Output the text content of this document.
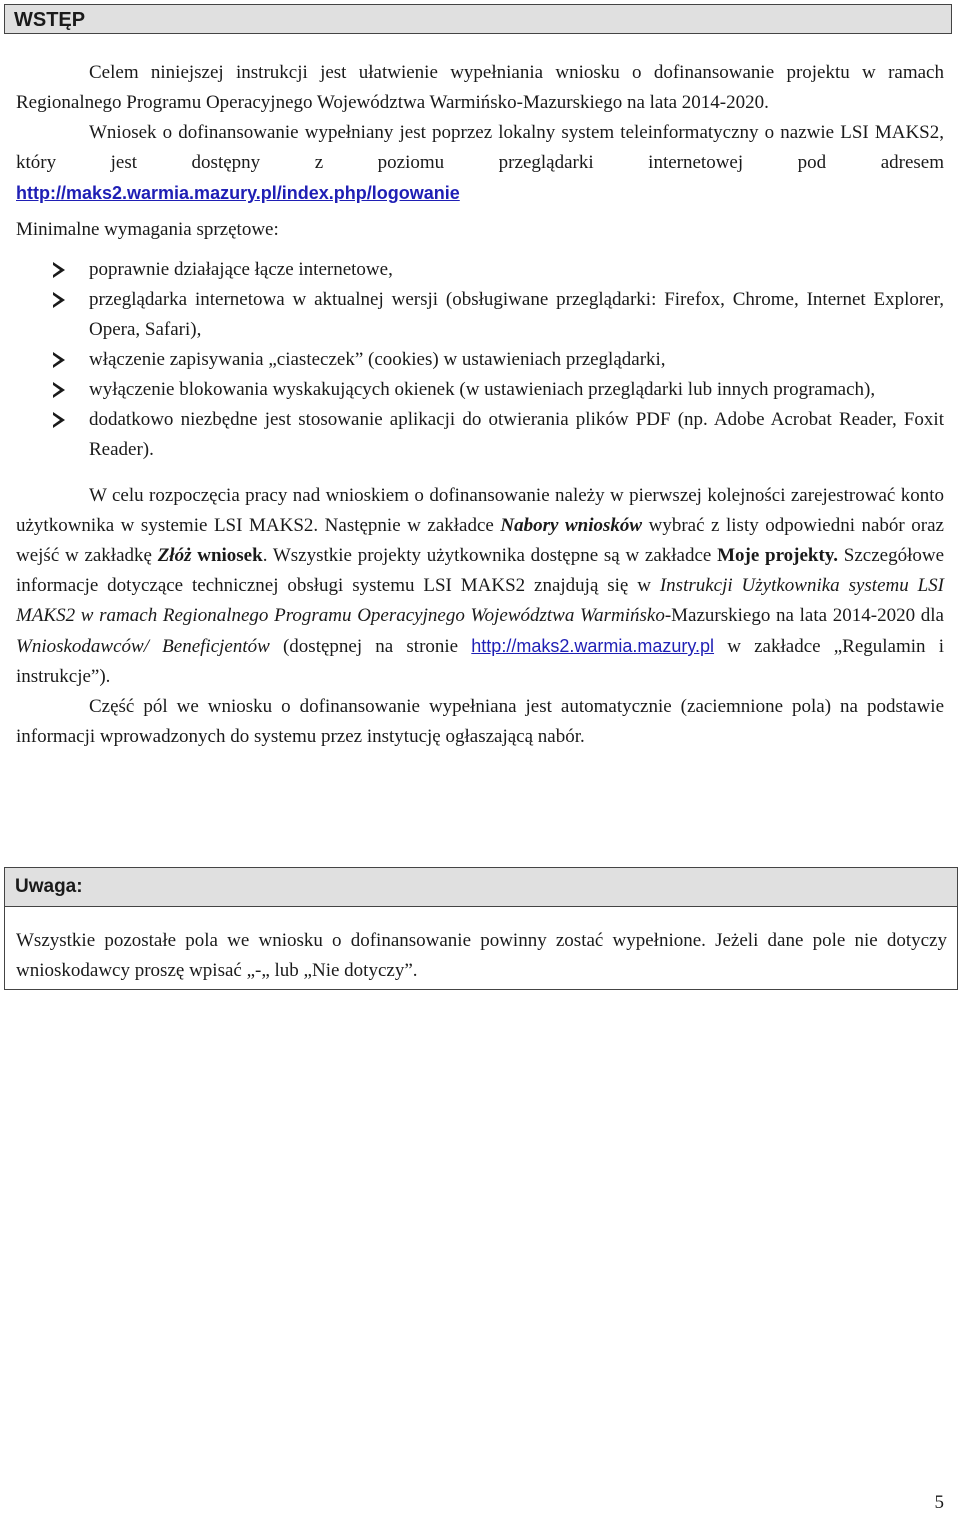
WSTĘP

Celem niniejszej instrukcji jest ułatwienie wypełniania wniosku o dofinansowanie projektu w ramach Regionalnego Programu Operacyjnego Województwa Warmińsko-Mazurskiego na lata 2014-2020.

Wniosek o dofinansowanie wypełniany jest poprzez lokalny system teleinformatyczny o nazwie LSI MAKS2, który jest dostępny z poziomu przeglądarki internetowej pod adresem http://maks2.warmia.mazury.pl/index.php/logowanie

Minimalne wymagania sprzętowe:

poprawnie działające łącze internetowe,
przeglądarka internetowa w aktualnej wersji (obsługiwane przeglądarki: Firefox, Chrome, Internet Explorer, Opera, Safari),
włączenie zapisywania „ciasteczek” (cookies) w ustawieniach przeglądarki,
wyłączenie blokowania wyskakujących okienek (w ustawieniach przeglądarki lub innych programach),
dodatkowo niezbędne jest stosowanie aplikacji do otwierania plików PDF (np. Adobe Acrobat Reader, Foxit Reader).

W celu rozpoczęcia pracy nad wnioskiem o dofinansowanie należy w pierwszej kolejności zarejestrować konto użytkownika w systemie LSI MAKS2. Następnie w zakładce Nabory wniosków wybrać z listy odpowiedni nabór oraz wejść w zakładkę Złóż wniosek. Wszystkie projekty użytkownika dostępne są w zakładce Moje projekty. Szczegółowe informacje dotyczące technicznej obsługi systemu LSI MAKS2 znajdują się w Instrukcji Użytkownika systemu LSI MAKS2 w ramach Regionalnego Programu Operacyjnego Województwa Warmińsko-Mazurskiego na lata 2014-2020 dla Wnioskodawców/ Beneficjentów (dostępnej na stronie http://maks2.warmia.mazury.pl w zakładce „Regulamin i instrukcje”).

Część pól we wniosku o dofinansowanie wypełniana jest automatycznie (zaciemnione pola) na podstawie informacji wprowadzonych do systemu przez instytucję ogłaszającą nabór.

Uwaga:
Wszystkie pozostałe pola we wniosku o dofinansowanie powinny zostać wypełnione. Jeżeli dane pole nie dotyczy wnioskodawcy proszę wpisać „-„ lub „Nie dotyczy”.
5
